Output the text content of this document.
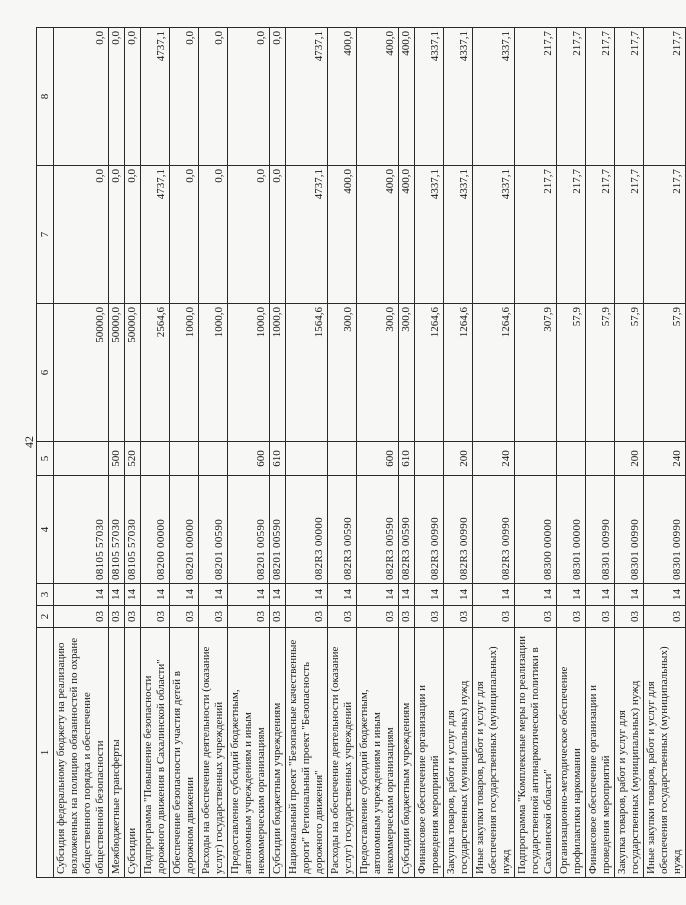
42
1	2	3	4	5	6	7	8
Субсидия федеральному бюджету на реализацию возложенных на полицию обязанностей по охране общественного порядка и обеспечение общественной безопасности	03	14	08105 57030		50000,0	0,0	0,0
Межбюджетные трансферты	03	14	08105 57030	500	50000,0	0,0	0,0
Субсидии	03	14	08105 57030	520	50000,0	0,0	0,0
Подпрограмма "Повышение безопасности дорожного движения в Сахалинской области"	03	14	08200 00000		2564,6	4737,1	4737,1
Обеспечение безопасности участия детей в дорожном движении	03	14	08201 00000		1000,0	0,0	0,0
Расходы на обеспечение деятельности (оказание услуг) государственных учреждений	03	14	08201 00590		1000,0	0,0	0,0
Предоставление субсидий бюджетным, автономным учреждениям и иным некоммерческим организациям	03	14	08201 00590	600	1000,0	0,0	0,0
Субсидии бюджетным учреждениям	03	14	08201 00590	610	1000,0	0,0	0,0
Национальный проект "Безопасные качественные дороги" Региональный проект "Безопасность дорожного движения"	03	14	082R3 00000		1564,6	4737,1	4737,1
Расходы на обеспечение деятельности (оказание услуг) государственных учреждений	03	14	082R3 00590		300,0	400,0	400,0
Предоставление субсидий бюджетным, автономным учреждениям и иным некоммерческим организациям	03	14	082R3 00590	600	300,0	400,0	400,0
Субсидии бюджетным учреждениям	03	14	082R3 00590	610	300,0	400,0	400,0
Финансовое обеспечение организации и проведения мероприятий	03	14	082R3 00990		1264,6	4337,1	4337,1
Закупка товаров, работ и услуг для государственных (муниципальных) нужд	03	14	082R3 00990	200	1264,6	4337,1	4337,1
Иные закупки товаров, работ и услуг для обеспечения государственных (муниципальных) нужд	03	14	082R3 00990	240	1264,6	4337,1	4337,1
Подпрограмма "Комплексные меры по реализации государственной антинаркотической политики в Сахалинской области"	03	14	08300 00000		307,9	217,7	217,7
Организационно-методическое обеспечение профилактики наркомании	03	14	08301 00000		57,9	217,7	217,7
Финансовое обеспечение организации и проведения мероприятий	03	14	08301 00990		57,9	217,7	217,7
Закупка товаров, работ и услуг для государственных (муниципальных) нужд	03	14	08301 00990	200	57,9	217,7	217,7
Иные закупки товаров, работ и услуг для обеспечения государственных (муниципальных) нужд	03	14	08301 00990	240	57,9	217,7	217,7
